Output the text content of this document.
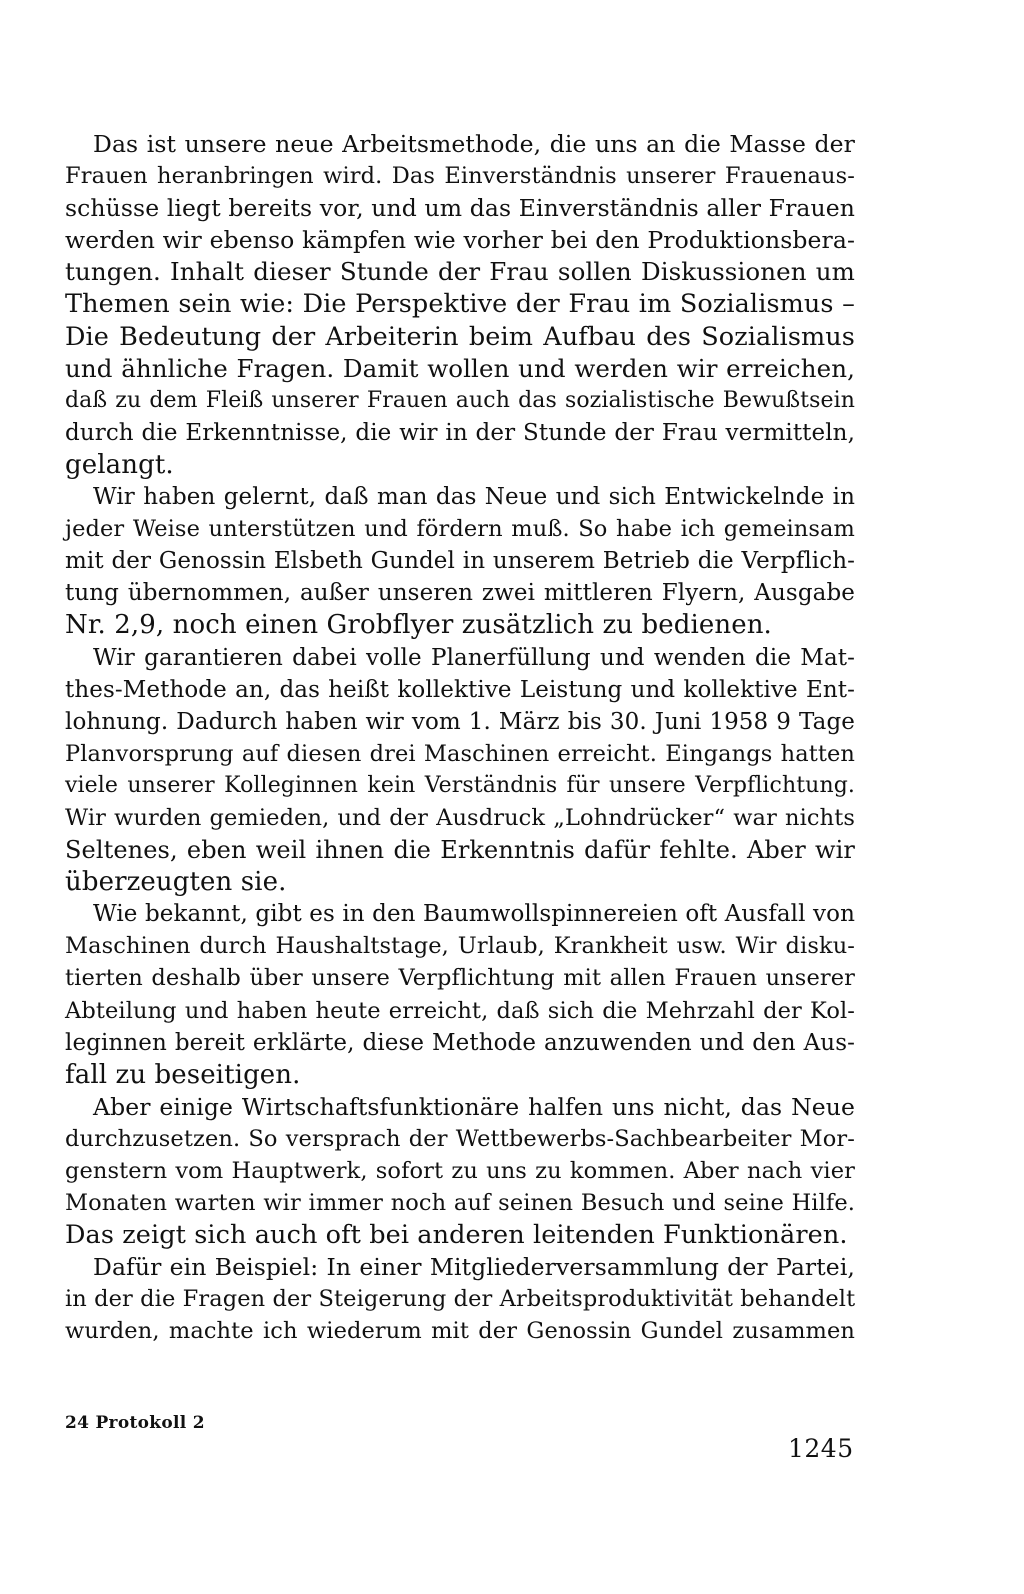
Das ist unsere neue Arbeitsmethode, die uns an die Masse der
Frauen heranbringen wird. Das Einverständnis unserer Frauenaus-
schüsse liegt bereits vor, und um das Einverständnis aller Frauen
werden wir ebenso kämpfen wie vorher bei den Produktionsbera-
tungen. Inhalt dieser Stunde der Frau sollen Diskussionen um
Themen sein wie: Die Perspektive der Frau im Sozialismus –
Die Bedeutung der Arbeiterin beim Aufbau des Sozialismus
und ähnliche Fragen. Damit wollen und werden wir erreichen,
daß zu dem Fleiß unserer Frauen auch das sozialistische Bewußtsein
durch die Erkenntnisse, die wir in der Stunde der Frau vermitteln,
gelangt.
Wir haben gelernt, daß man das Neue und sich Entwickelnde in
jeder Weise unterstützen und fördern muß. So habe ich gemeinsam
mit der Genossin Elsbeth Gundel in unserem Betrieb die Verpflich-
tung übernommen, außer unseren zwei mittleren Flyern, Ausgabe
Nr. 2,9, noch einen Grobflyer zusätzlich zu bedienen.
Wir garantieren dabei volle Planerfüllung und wenden die Mat-
thes-Methode an, das heißt kollektive Leistung und kollektive Ent-
lohnung. Dadurch haben wir vom 1. März bis 30. Juni 1958 9 Tage
Planvorsprung auf diesen drei Maschinen erreicht. Eingangs hatten
viele unserer Kolleginnen kein Verständnis für unsere Verpflichtung.
Wir wurden gemieden, und der Ausdruck „Lohndrücker“ war nichts
Seltenes, eben weil ihnen die Erkenntnis dafür fehlte. Aber wir
überzeugten sie.
Wie bekannt, gibt es in den Baumwollspinnereien oft Ausfall von
Maschinen durch Haushaltstage, Urlaub, Krankheit usw. Wir disku-
tierten deshalb über unsere Verpflichtung mit allen Frauen unserer
Abteilung und haben heute erreicht, daß sich die Mehrzahl der Kol-
leginnen bereit erklärte, diese Methode anzuwenden und den Aus-
fall zu beseitigen.
Aber einige Wirtschaftsfunktionäre halfen uns nicht, das Neue
durchzusetzen. So versprach der Wettbewerbs-Sachbearbeiter Mor-
genstern vom Hauptwerk, sofort zu uns zu kommen. Aber nach vier
Monaten warten wir immer noch auf seinen Besuch und seine Hilfe.
Das zeigt sich auch oft bei anderen leitenden Funktionären.
Dafür ein Beispiel: In einer Mitgliederversammlung der Partei,
in der die Fragen der Steigerung der Arbeitsproduktivität behandelt
wurden, machte ich wiederum mit der Genossin Gundel zusammen
24 Protokoll 2
1245
